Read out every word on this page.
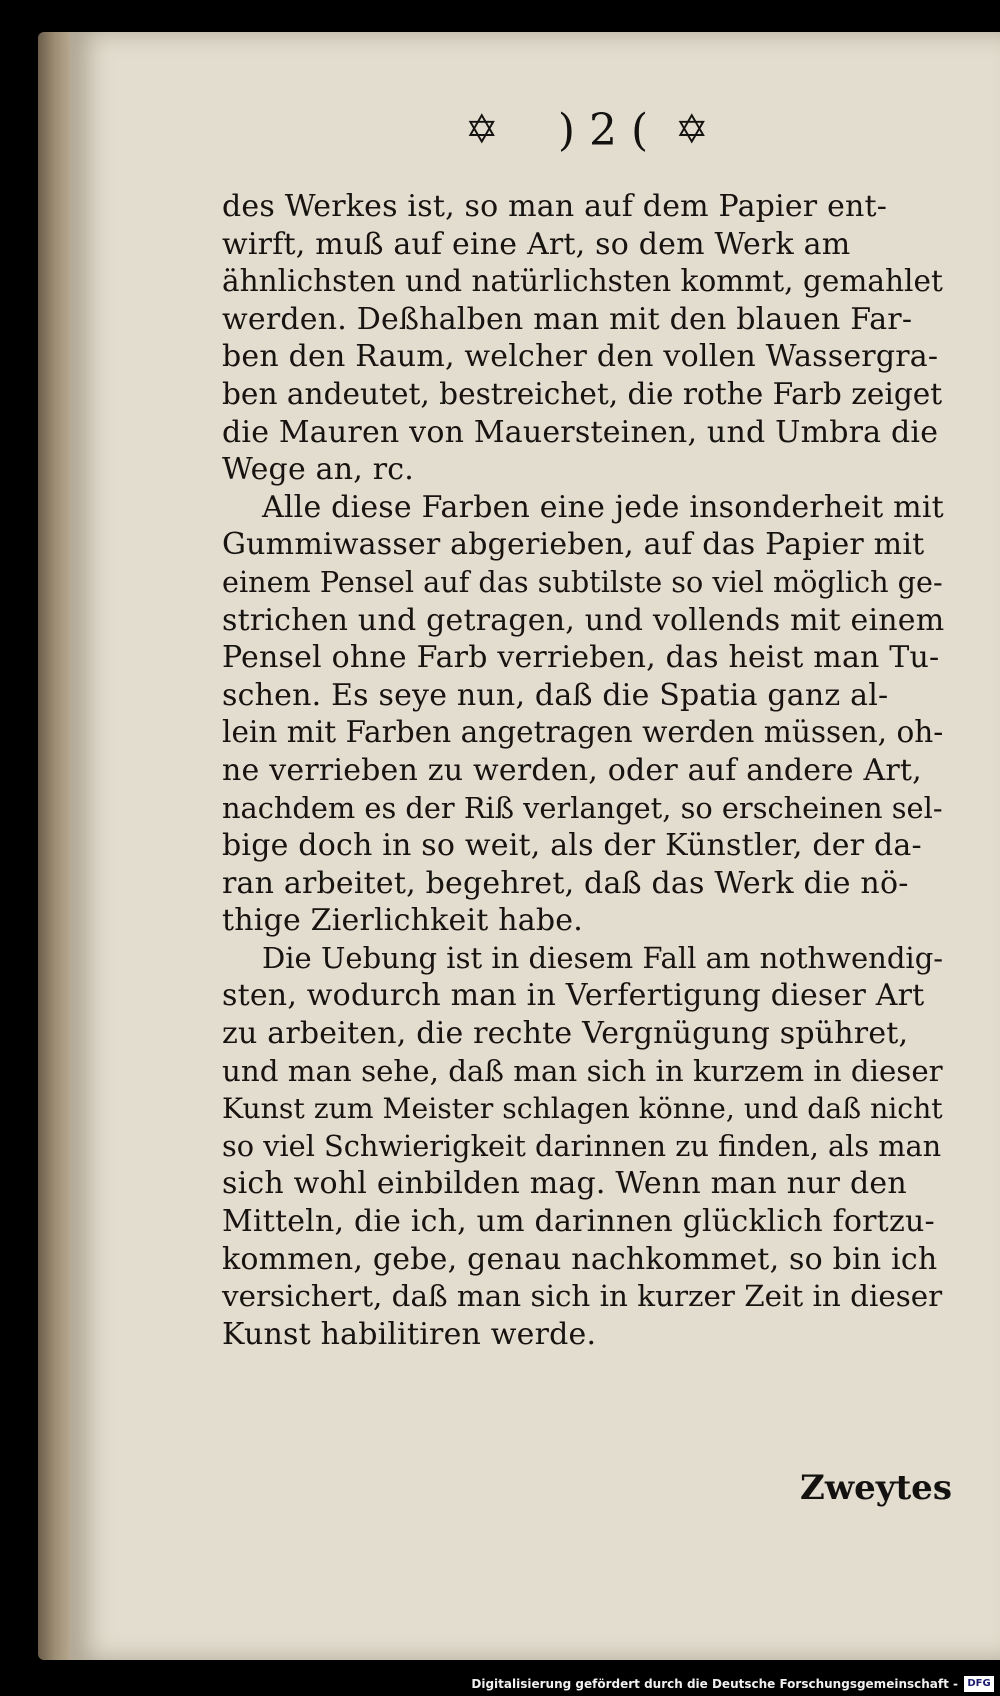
✡	) 2 ( ✡

des Werkes ist, so man auf dem Papier ent-
wirft, muß auf eine Art, so dem Werk am
ähnlichsten und natürlichsten kommt, gemahlet
werden. Deßhalben man mit den blauen Far-
ben den Raum, welcher den vollen Wassergra-
ben andeutet, bestreichet, die rothe Farb zeiget
die Mauren von Mauersteinen, und Umbra die
Wege an, rc.

Alle diese Farben eine jede insonderheit mit
Gummiwasser abgerieben, auf das Papier mit
einem Pensel auf das subtilste so viel möglich ge-
strichen und getragen, und vollends mit einem
Pensel ohne Farb verrieben, das heist man Tu-
schen. Es seye nun, daß die Spatia ganz al-
lein mit Farben angetragen werden müssen, oh-
ne verrieben zu werden, oder auf andere Art,
nachdem es der Riß verlanget, so erscheinen sel-
bige doch in so weit, als der Künstler, der da-
ran arbeitet, begehret, daß das Werk die nö-
thige Zierlichkeit habe.

Die Uebung ist in diesem Fall am nothwendig-
sten, wodurch man in Verfertigung dieser Art
zu arbeiten, die rechte Vergnügung spühret,
und man sehe, daß man sich in kurzem in dieser
Kunst zum Meister schlagen könne, und daß nicht
so viel Schwierigkeit darinnen zu finden, als man
sich wohl einbilden mag. Wenn man nur den
Mitteln, die ich, um darinnen glücklich fortzu-
kommen, gebe, genau nachkommet, so bin ich
versichert, daß man sich in kurzer Zeit in dieser
Kunst habilitiren werde.

Zweytes
Digitalisierung gefördert durch die Deutsche Forschungsgemeinschaft - DFG
